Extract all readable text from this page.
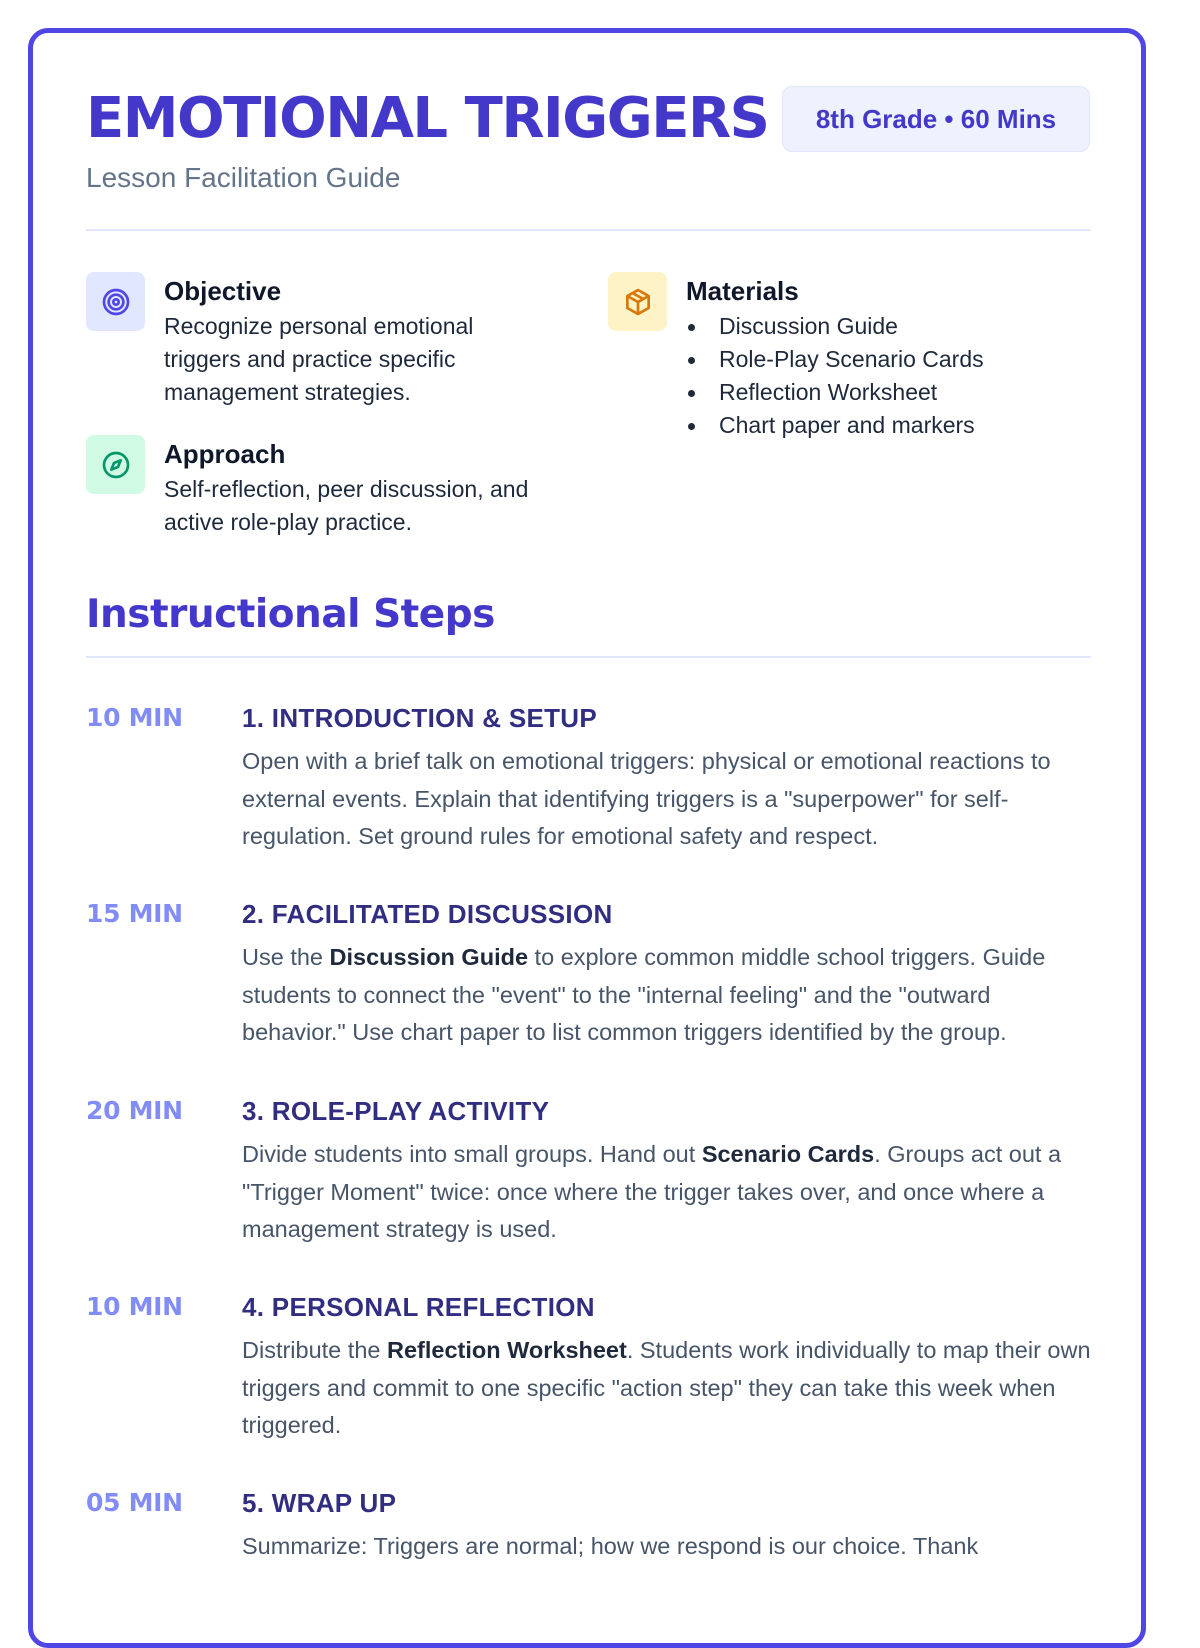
EMOTIONAL TRIGGERS	8th Grade • 60 Mins

Lesson Facilitation Guide

Objective

Recognize personal emotional triggers and practice specific management strategies.

Approach

Self-reflection, peer discussion, and active role-play practice.

Materials
Discussion Guide
Role-Play Scenario Cards
Reflection Worksheet
Chart paper and markers
Instructional Steps
10 MIN 1. INTRODUCTION & SETUP

Open with a brief talk on emotional triggers: physical or emotional reactions to external events. Explain that identifying triggers is a "superpower" for self-regulation. Set ground rules for emotional safety and respect.

15 MIN 2. FACILITATED DISCUSSION

Use the Discussion Guide to explore common middle school triggers. Guide students to connect the "event" to the "internal feeling" and the "outward behavior." Use chart paper to list common triggers identified by the group.

20 MIN 3. ROLE-PLAY ACTIVITY

Divide students into small groups. Hand out Scenario Cards. Groups act out a "Trigger Moment" twice: once where the trigger takes over, and once where a management strategy is used.

10 MIN 4. PERSONAL REFLECTION

Distribute the Reflection Worksheet. Students work individually to map their own triggers and commit to one specific "action step" they can take this week when triggered.

05 MIN 5. WRAP UP

Summarize: Triggers are normal; how we respond is our choice. Thank
